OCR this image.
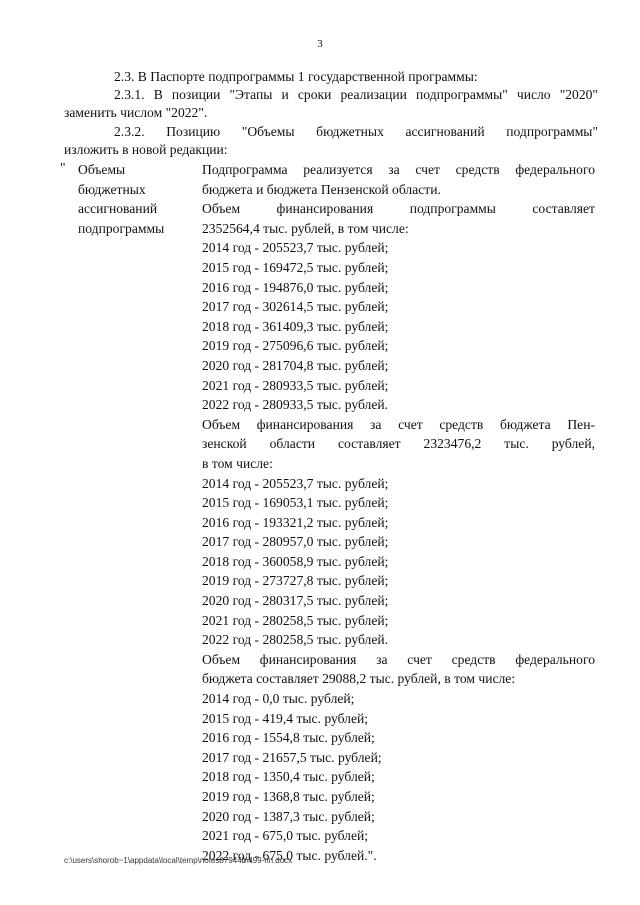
3

2.3. В Паспорте подпрограммы 1 государственной программы:

2.3.1. В позиции "Этапы и сроки реализации подпрограммы" число "2020"

заменить числом "2022".

2.3.2. Позицию "Объемы бюджетных ассигнований подпрограммы"

изложить в новой редакции:

" Объемы
бюджетных
ассигнований
подпрограммы
Подпрограмма реализуется за счет средств федерального
бюджета и бюджета Пензенской области.
Объем финансирования подпрограммы составляет
2352564,4 тыс. рублей, в том числе:
2014 год - 205523,7 тыс. рублей;
2015 год - 169472,5 тыс. рублей;
2016 год - 194876,0 тыс. рублей;
2017 год - 302614,5 тыс. рублей;
2018 год - 361409,3 тыс. рублей;
2019 год - 275096,6 тыс. рублей;
2020 год - 281704,8 тыс. рублей;
2021 год - 280933,5 тыс. рублей;
2022 год - 280933,5 тыс. рублей.
Объем финансирования за счет средств бюджета Пен-
зенской области составляет 2323476,2 тыс. рублей,
в том числе:
2014 год - 205523,7 тыс. рублей;
2015 год - 169053,1 тыс. рублей;
2016 год - 193321,2 тыс. рублей;
2017 год - 280957,0 тыс. рублей;
2018 год - 360058,9 тыс. рублей;
2019 год - 273727,8 тыс. рублей;
2020 год - 280317,5 тыс. рублей;
2021 год - 280258,5 тыс. рублей;
2022 год - 280258,5 тыс. рублей.
Объем финансирования за счет средств федерального
бюджета составляет 29088,2 тыс. рублей, в том числе:
2014 год - 0,0 тыс. рублей;
2015 год - 419,4 тыс. рублей;
2016 год - 1554,8 тыс. рублей;
2017 год - 21657,5 тыс. рублей;
2018 год - 1350,4 тыс. рублей;
2019 год - 1368,8 тыс. рублей;
2020 год - 1387,3 тыс. рублей;
2021 год - 675,0 тыс. рублей;
2022 год - 675,0 тыс. рублей.".
c:\users\shorob~1\appdata\local\temp\notes87944b\499-пп.docx
